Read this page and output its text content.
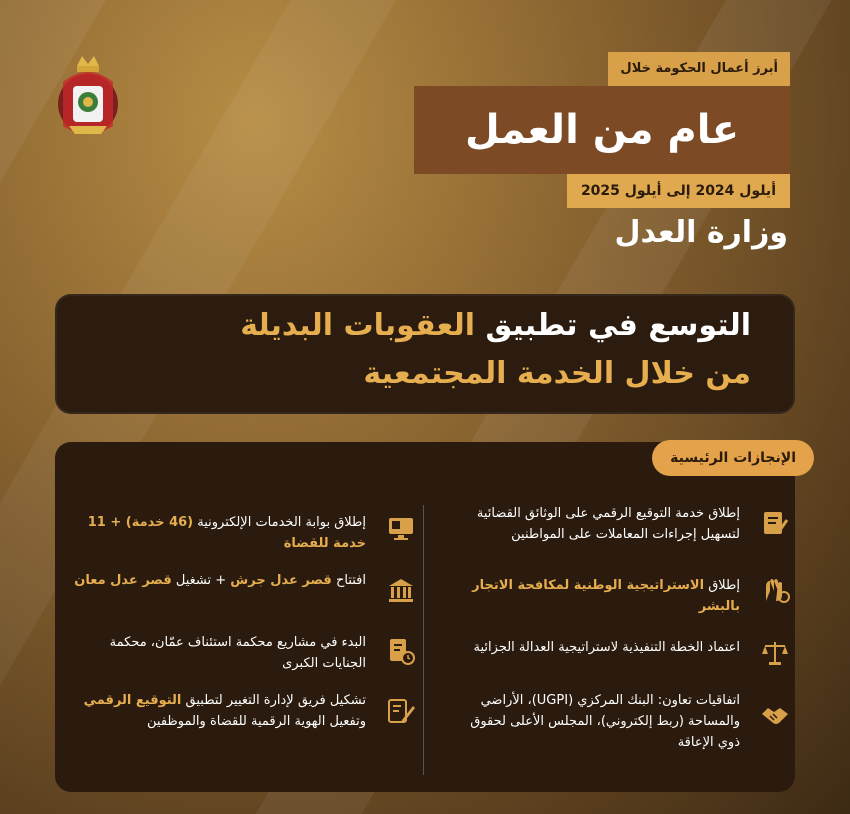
أبرز أعمال الحكومة خلال
عام من العمل
أيلول 2024 إلى أيلول 2025
وزارة العدل
التوسع في تطبيق العقوبات البديلة
من خلال الخدمة المجتمعية
الإنجازات الرئيسية
إطلاق خدمة التوقيع الرقمي على الوثائق القضائية لتسهيل إجراءات المعاملات على المواطنين
إطلاق الاستراتيجية الوطنية لمكافحة الاتجار بالبشر
اعتماد الخطة التنفيذية لاستراتيجية العدالة الجزائية
اتفاقيات تعاون: البنك المركزي (UGPI)، الأراضي والمساحة (ربط إلكتروني)، المجلس الأعلى لحقوق ذوي الإعاقة
إطلاق بوابة الخدمات الإلكترونية (46 خدمة) + 11 خدمة للقضاة
افتتاح قصر عدل جرش + تشغيل قصر عدل معان
البدء في مشاريع محكمة استئناف عمّان، محكمة الجنايات الكبرى
تشكيل فريق لإدارة التغيير لتطبيق التوقيع الرقمي وتفعيل الهوية الرقمية للقضاة والموظفين
